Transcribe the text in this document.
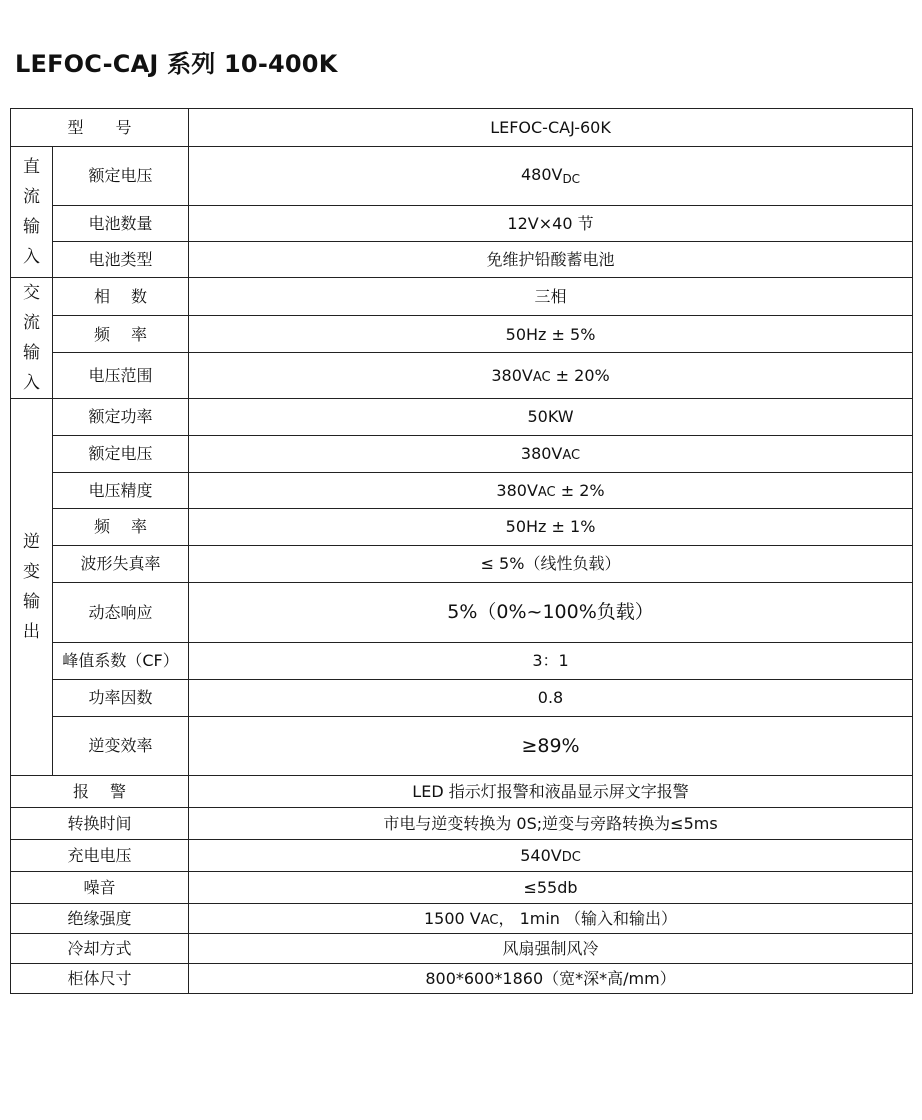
LEFOC-CAJ 系列 10-400K
型　　号		LEFOC-CAJ-60K

直
流
输
入	额定电压	$480V_{DC}$
	电池数量	12V×40 节
	电池类型	免维护铅酸蓄电池

交
流
输
入	相　 数	三相
	频　 率	50Hz ± 5%
	电压范围	380VAC ± 20%

逆
变
输
出	额定功率	50KW
	额定电压	380VAC
	电压精度	380VAC ± 2%
	频　 率	50Hz ± 1%
	波形失真率	≤ 5%（线性负载）
	动态响应	5%（0%~100%负载）
	峰值系数（CF）	3：1
	功率因数	0.8
	逆变效率	≥89%
报　 警		LED 指示灯报警和液晶显示屏文字报警
转换时间		市电与逆变转换为 0S;逆变与旁路转换为≤5ms
充电电压		540VDC
噪音		≤55db
绝缘强度		1500 VAC， 1min （输入和输出）
冷却方式		风扇强制风冷
柜体尺寸		800*600*1860（宽*深*高/mm）
